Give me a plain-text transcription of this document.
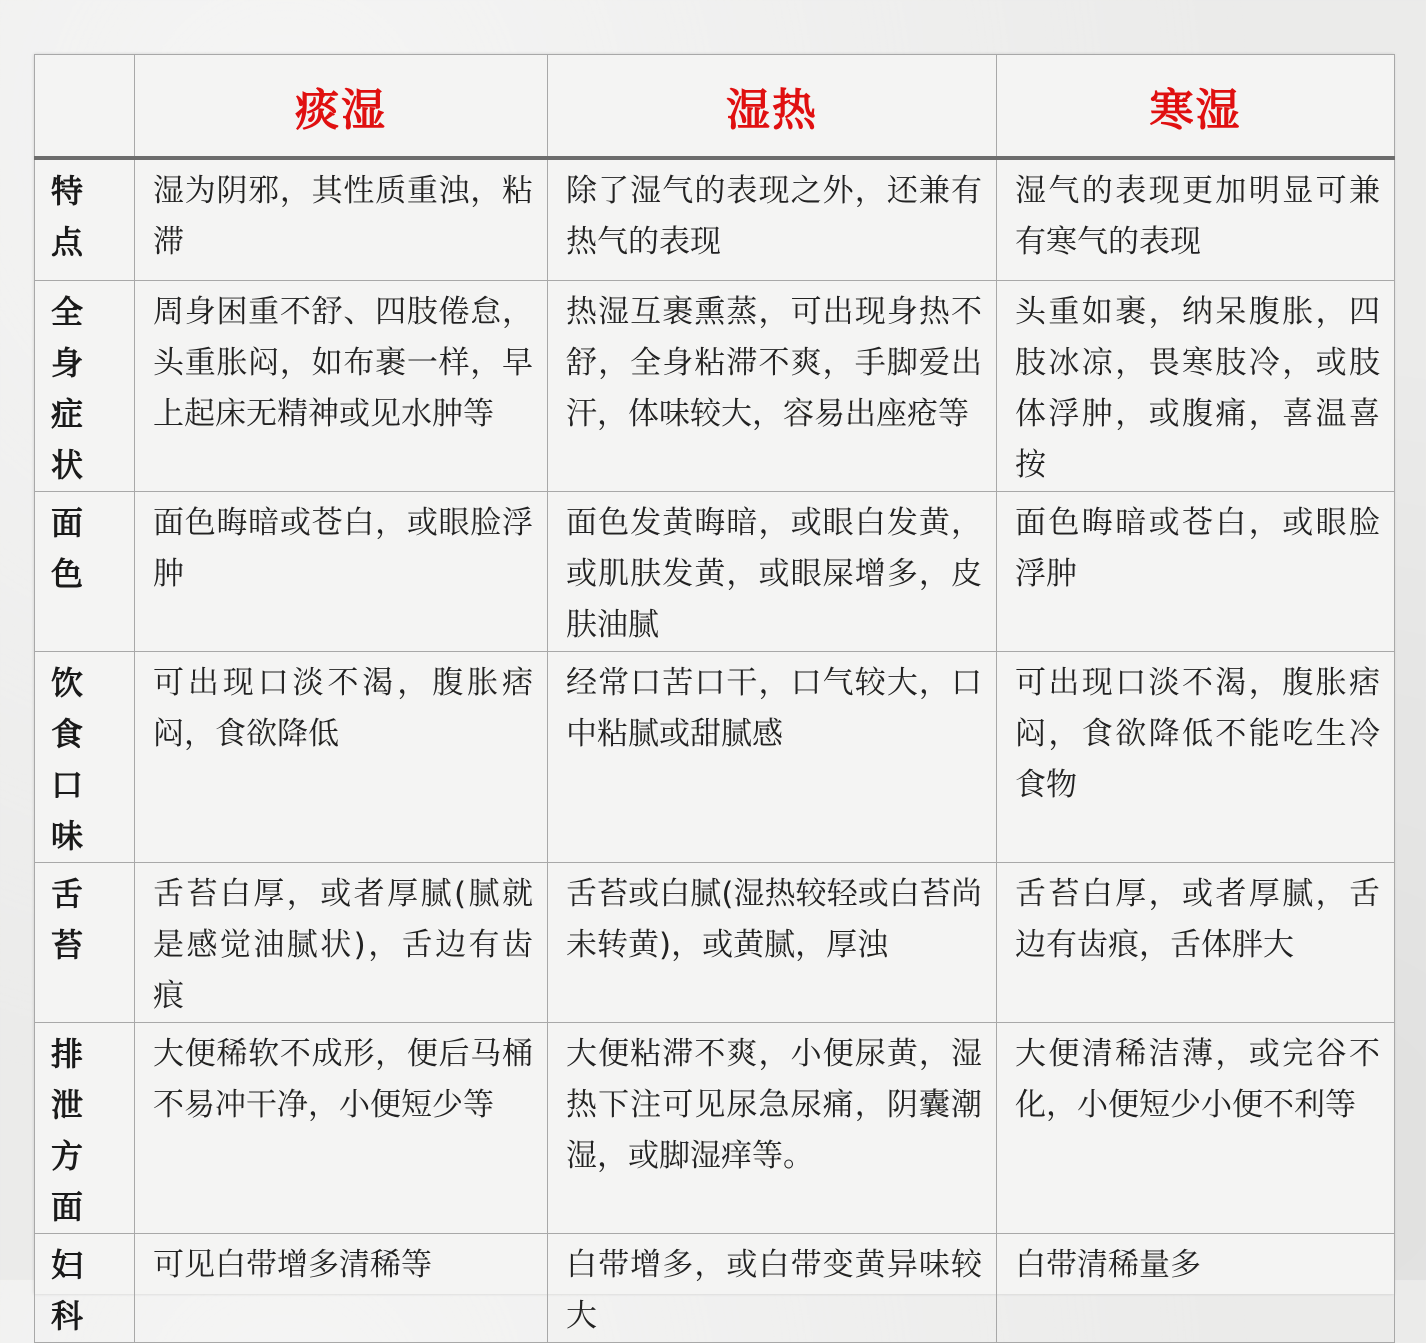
	痰湿	湿热	寒湿

特
点	湿为阴邪，其性质重浊，粘滞	除了湿气的表现之外，还兼有热气的表现	湿气的表现更加明显可兼有寒气的表现

全
身
症
状	周身困重不舒、四肢倦怠，头重胀闷，如布裹一样，早上起床无精神或见水肿等	热湿互裹熏蒸，可出现身热不舒，全身粘滞不爽，手脚爱出汗，体味较大，容易出座疮等	头重如裹，纳呆腹胀，四肢冰凉，畏寒肢冷，或肢体浮肿，或腹痛，喜温喜按

面
色	面色晦暗或苍白，或眼脸浮肿	面色发黄晦暗，或眼白发黄，或肌肤发黄，或眼屎增多，皮肤油腻	面色晦暗或苍白，或眼脸浮肿

饮
食
口
味	可出现口淡不渴，腹胀痞闷，食欲降低	经常口苦口干，口气较大，口中粘腻或甜腻感	可出现口淡不渴，腹胀痞闷，食欲降低不能吃生冷食物

舌
苔	舌苔白厚，或者厚腻(腻就是感觉油腻状)，舌边有齿痕	舌苔或白腻(湿热较轻或白苔尚未转黄)，或黄腻，厚浊	舌苔白厚，或者厚腻，舌边有齿痕，舌体胖大

排
泄
方
面	大便稀软不成形，便后马桶不易冲干净，小便短少等	大便粘滞不爽，小便尿黄，湿热下注可见尿急尿痛，阴囊潮湿，或脚湿痒等。	大便清稀洁薄，或完谷不化，小便短少小便不利等

妇
科	可见白带增多清稀等	白带增多，或白带变黄异味较大	白带清稀量多
